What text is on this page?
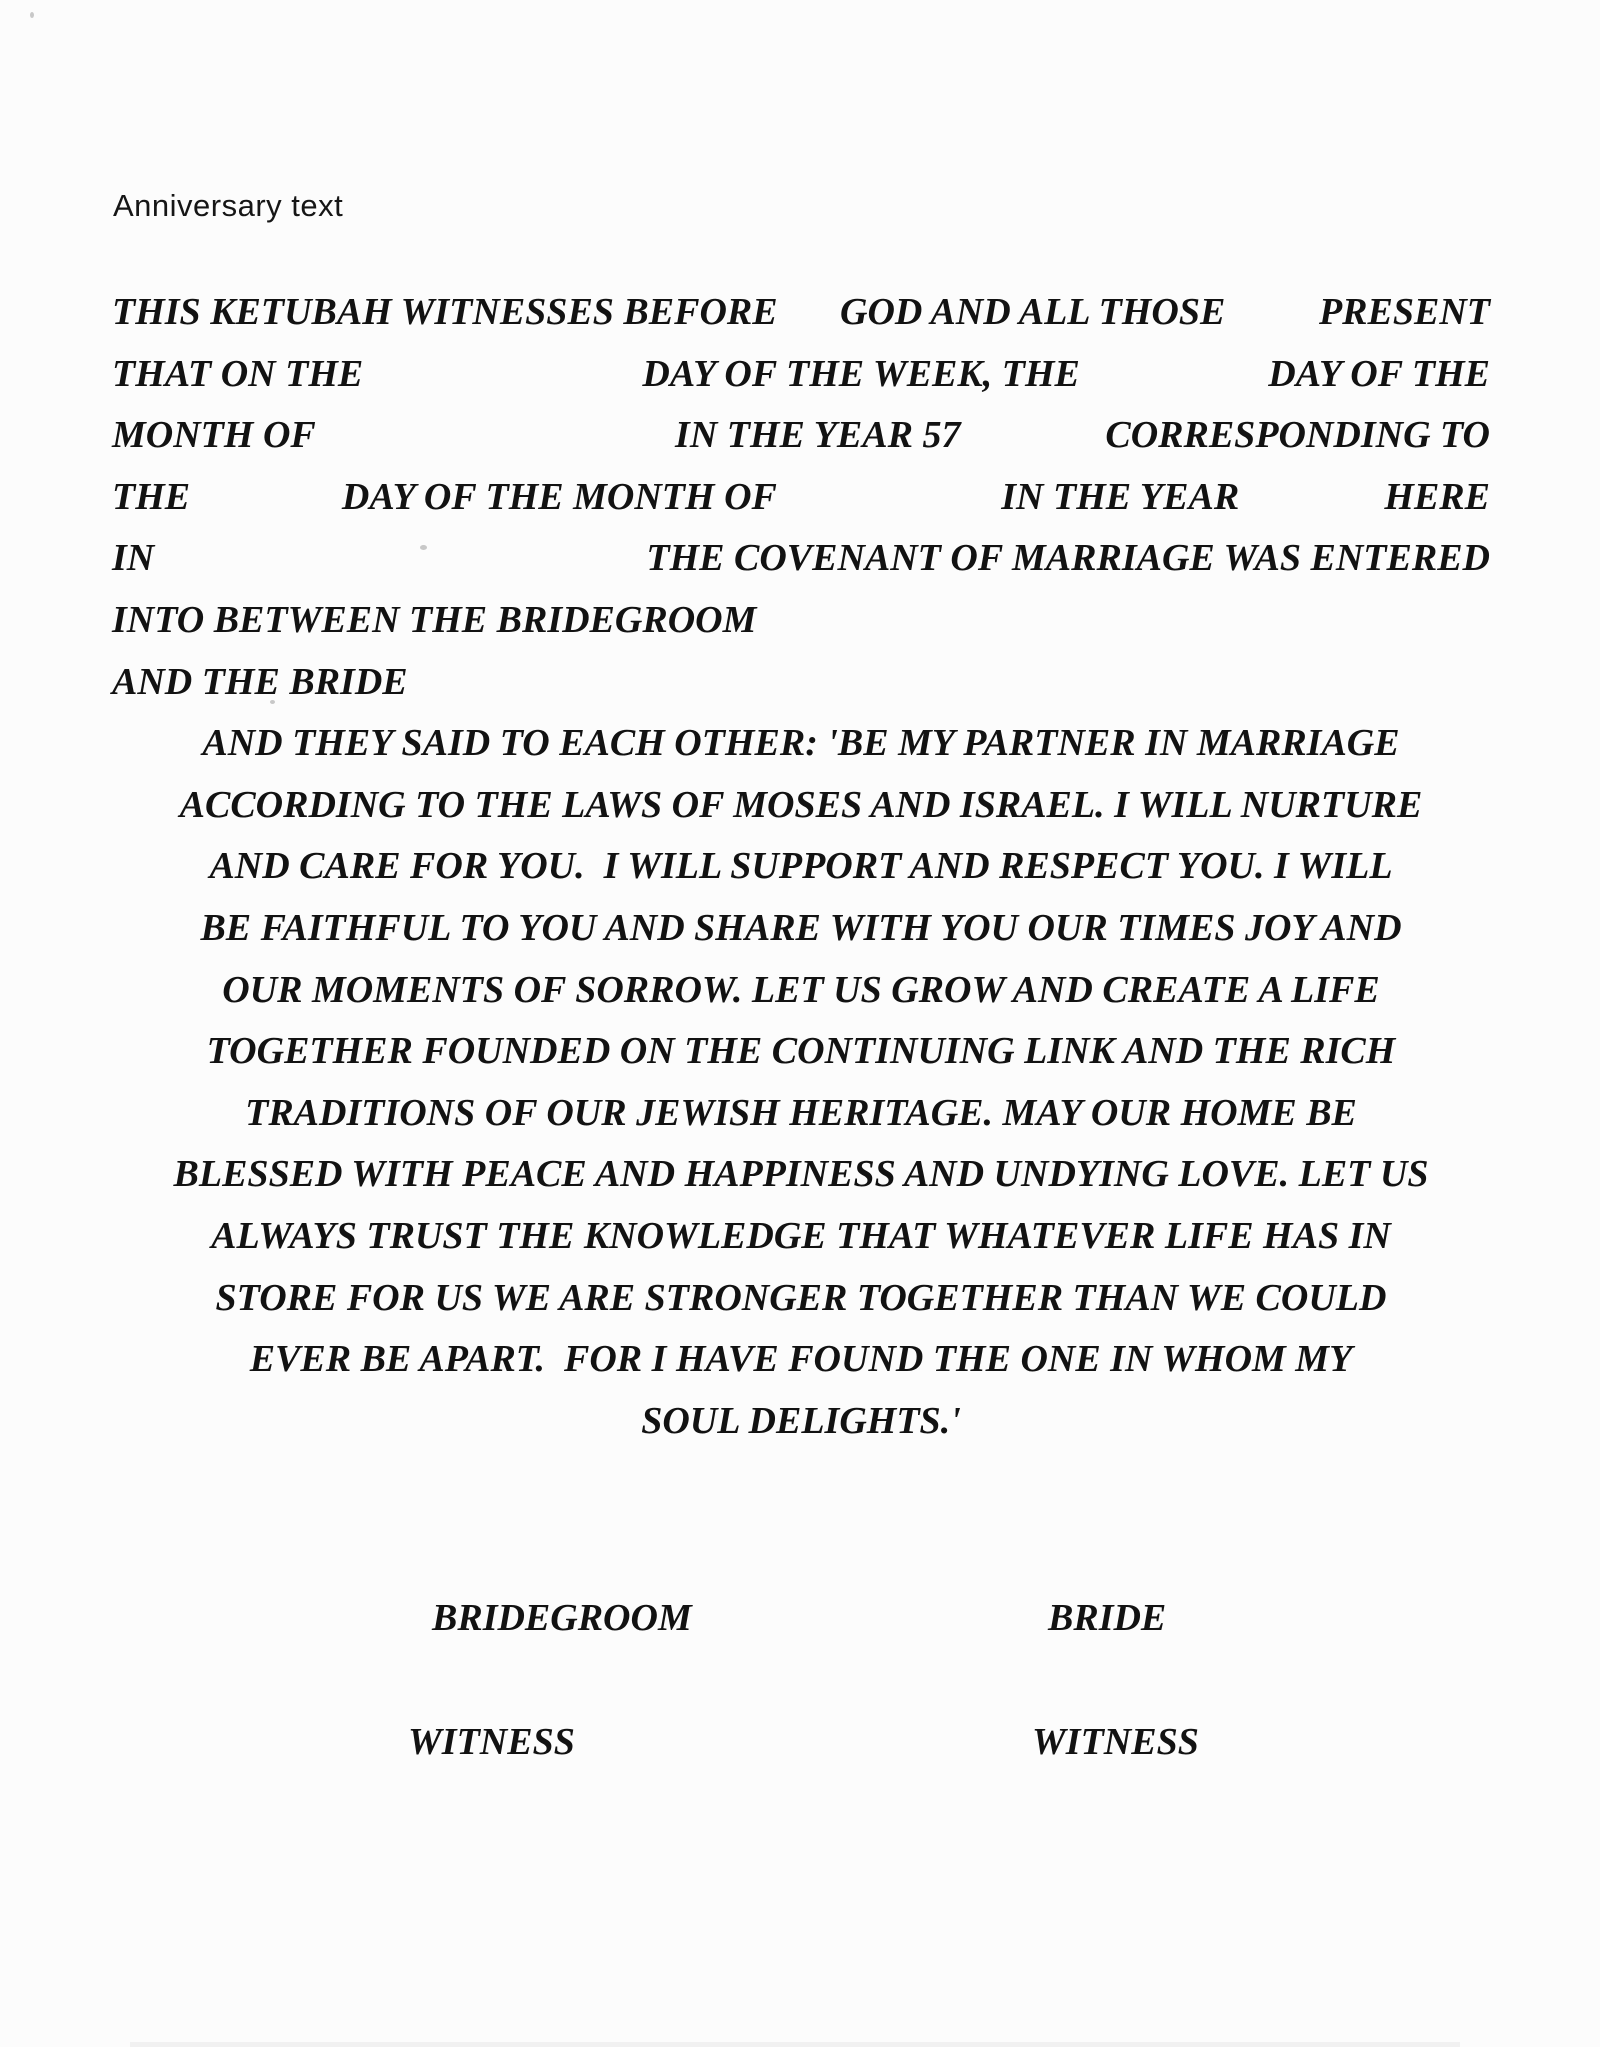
Anniversary text
THIS KETUBAH WITNESSES BEFORE GOD AND ALL THOSE PRESENT
THAT ON THE	DAY OF THE WEEK, THE	DAY OF THE
MONTH OF	IN THE YEAR 57	CORRESPONDING TO
THE	DAY OF THE MONTH OF	IN THE YEAR	HERE
IN	THE COVENANT OF MARRIAGE WAS ENTERED
INTO BETWEEN THE BRIDEGROOM
AND THE BRIDE
AND THEY SAID TO EACH OTHER: 'BE MY PARTNER IN MARRIAGE
ACCORDING TO THE LAWS OF MOSES AND ISRAEL. I WILL NURTURE
AND CARE FOR YOU.  I WILL SUPPORT AND RESPECT YOU. I WILL
BE FAITHFUL TO YOU AND SHARE WITH YOU OUR TIMES JOY AND
OUR MOMENTS OF SORROW. LET US GROW AND CREATE A LIFE
TOGETHER FOUNDED ON THE CONTINUING LINK AND THE RICH
TRADITIONS OF OUR JEWISH HERITAGE. MAY OUR HOME BE
BLESSED WITH PEACE AND HAPPINESS AND UNDYING LOVE. LET US
ALWAYS TRUST THE KNOWLEDGE THAT WHATEVER LIFE HAS IN
STORE FOR US WE ARE STRONGER TOGETHER THAN WE COULD
EVER BE APART.  FOR I HAVE FOUND THE ONE IN WHOM MY
SOUL DELIGHTS.'
BRIDEGROOM	BRIDE
WITNESS	WITNESS
